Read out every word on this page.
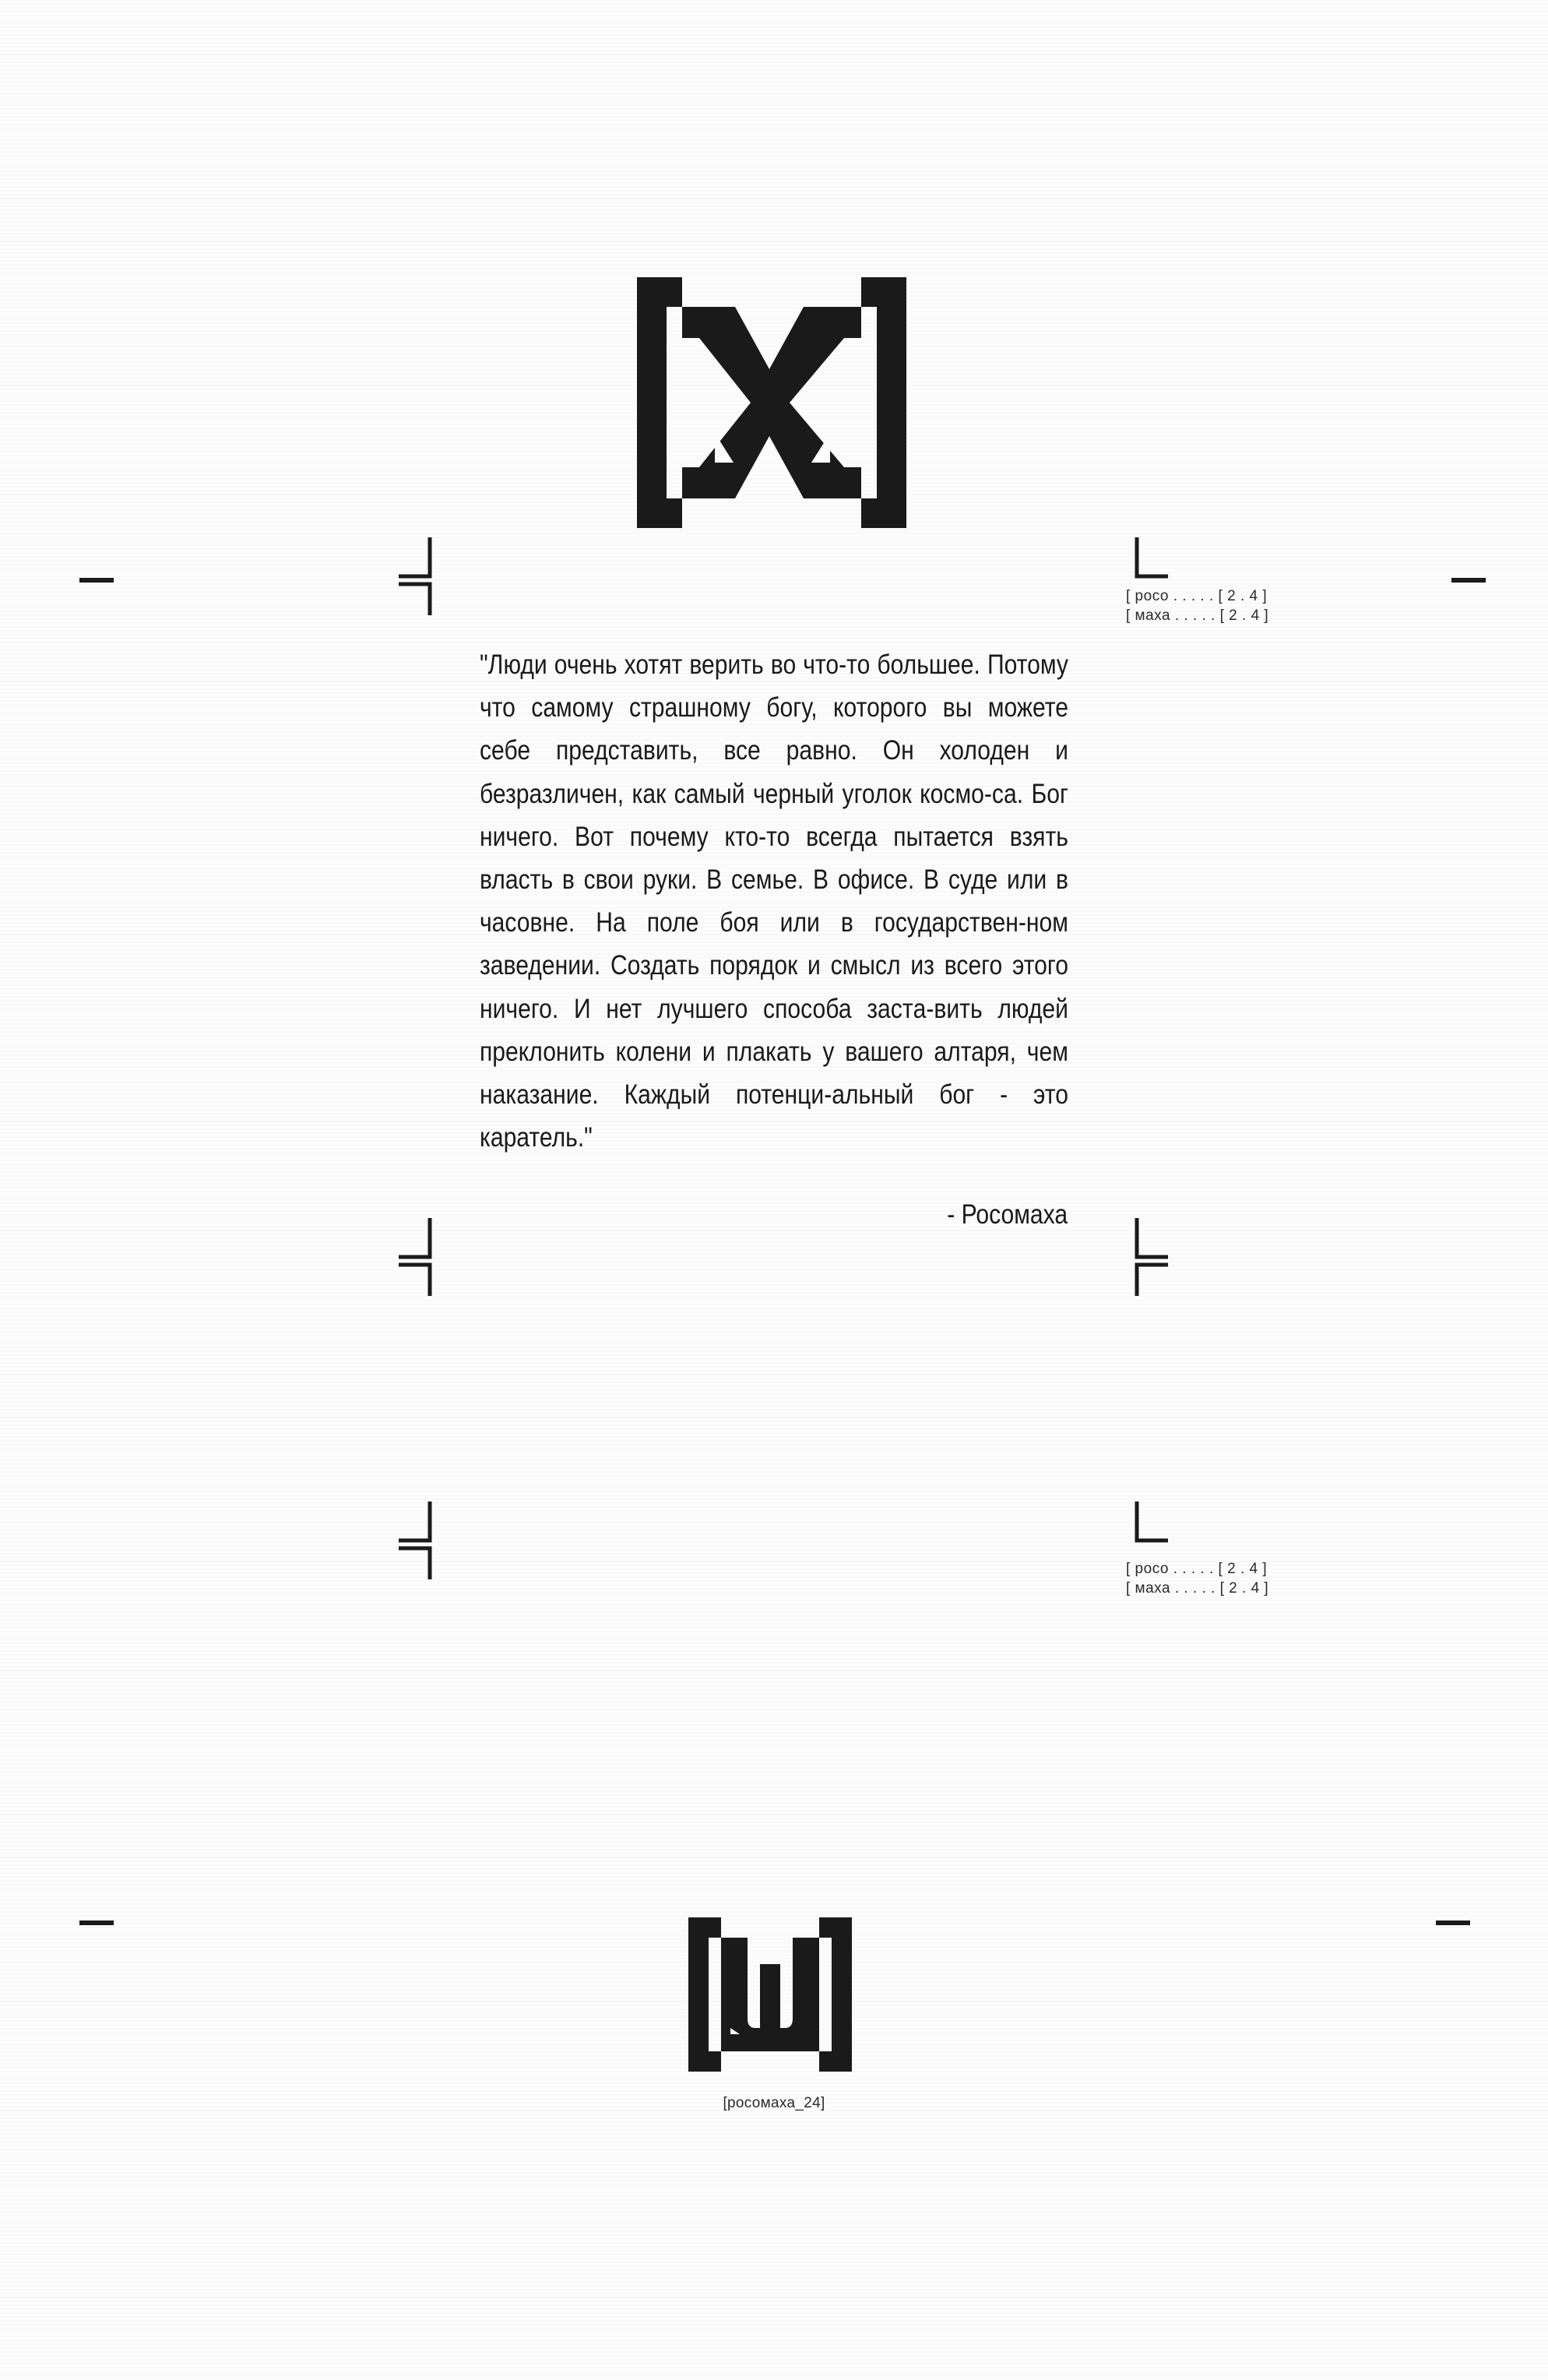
[ росо . . . . . [ 2 . 4 ]
[ маха . . . . . [ 2 . 4 ]
"Люди очень хотят верить во что-то большее. Потому что самому страшному богу, которого вы можете себе представить, все равно. Он холоден и безразличен, как самый черный уголок космо-са. Бог ничего. Вот почему кто-то всегда пытается взять власть в свои руки. В семье. В офисе. В суде или в часовне. На поле боя или в государствен-ном заведении. Создать порядок и смысл из всего этого ничего. И нет лучшего способа застa-вить людей преклонить колени и плакать у вашего алтаря, чем наказание. Каждый потенци-альный бог - это каратель."
- Росомаха
[ росо . . . . . [ 2 . 4 ]
[ маха . . . . . [ 2 . 4 ]
[росомаха_24]
